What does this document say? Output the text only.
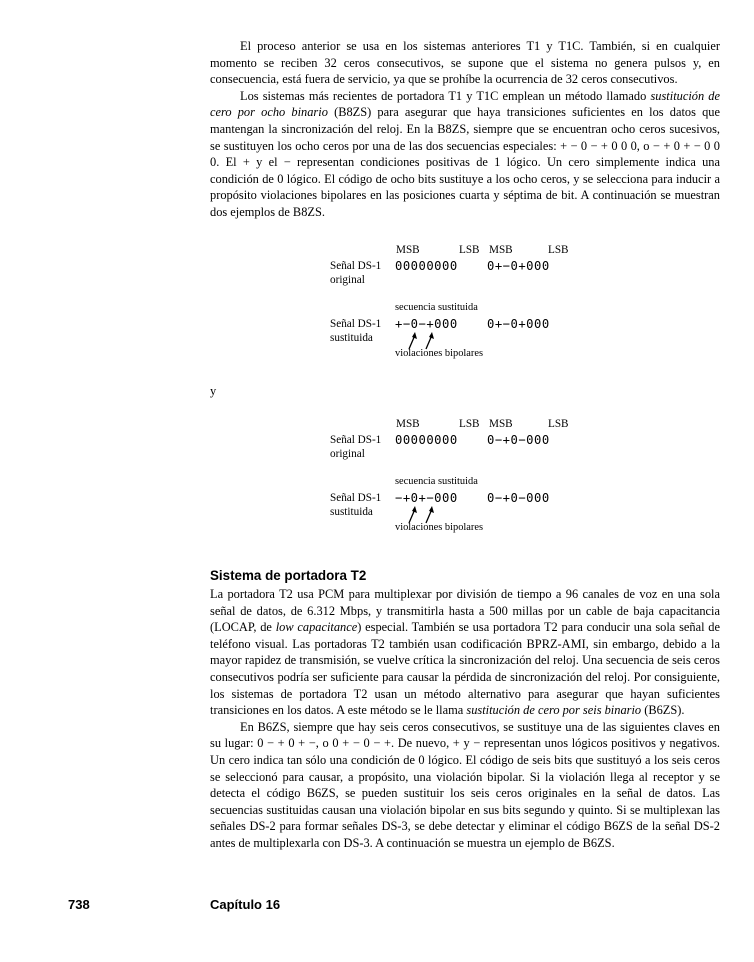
El proceso anterior se usa en los sistemas anteriores T1 y T1C. También, si en cualquier momento se reciben 32 ceros consecutivos, se supone que el sistema no genera pulsos y, en consecuencia, está fuera de servicio, ya que se prohíbe la ocurrencia de 32 ceros consecutivos.

Los sistemas más recientes de portadora T1 y T1C emplean un método llamado sustitución de cero por ocho binario (B8ZS) para asegurar que haya transiciones suficientes en los datos que mantengan la sincronización del reloj. En la B8ZS, siempre que se encuentran ocho ceros sucesivos, se sustituyen los ocho ceros por una de las dos secuencias especiales: + − 0 − + 0 0 0, o − + 0 + − 0 0 0. El + y el − representan condiciones positivas de 1 lógico. Un cero simplemente indica una condición de 0 lógico. El código de ocho bits sustituye a los ocho ceros, y se selecciona para inducir a propósito violaciones bipolares en las posiciones cuarta y séptima de bit. A continuación se muestran dos ejemplos de B8ZS.

MSB	LSB MSB	LSB
Señal DS-1
original
00000000 0+−0+000
secuencia sustituida
Señal DS-1
sustituida
+−0−+000 0+−0+000
violaciones bipolares
y
MSB	LSB MSB	LSB
Señal DS-1
original
00000000 0−+0−000
secuencia sustituida
Señal DS-1
sustituida
−+0+−000 0−+0−000
violaciones bipolares
Sistema de portadora T2

La portadora T2 usa PCM para multiplexar por división de tiempo a 96 canales de voz en una sola señal de datos, de 6.312 Mbps, y transmitirla hasta a 500 millas por un cable de baja capacitancia (LOCAP, de low capacitance) especial. También se usa portadora T2 para conducir una sola señal de teléfono visual. Las portadoras T2 también usan codificación BPRZ-AMI, sin embargo, debido a la mayor rapidez de transmisión, se vuelve crítica la sincronización del reloj. Una secuencia de seis ceros consecutivos podría ser suficiente para causar la pérdida de sincronización del reloj. Por consiguiente, los sistemas de portadora T2 usan un método alternativo para asegurar que hayan suficientes transiciones en los datos. A este método se le llama sustitución de cero por seis binario (B6ZS).

En B6ZS, siempre que hay seis ceros consecutivos, se sustituye una de las siguientes claves en su lugar: 0 − + 0 + −, o 0 + − 0 − +. De nuevo, + y − representan unos lógicos positivos y negativos. Un cero indica tan sólo una condición de 0 lógico. El código de seis bits que sustituyó a los seis ceros se seleccionó para causar, a propósito, una violación bipolar. Si la violación llega al receptor y se detecta el código B6ZS, se pueden sustituir los seis ceros originales en la señal de datos. Las secuencias sustituidas causan una violación bipolar en sus bits segundo y quinto. Si se multiplexan las señales DS-2 para formar señales DS-3, se debe detectar y eliminar el código B6ZS de la señal DS-2 antes de multiplexarla con DS-3. A continuación se muestra un ejemplo de B6ZS.

738	Capítulo 16
